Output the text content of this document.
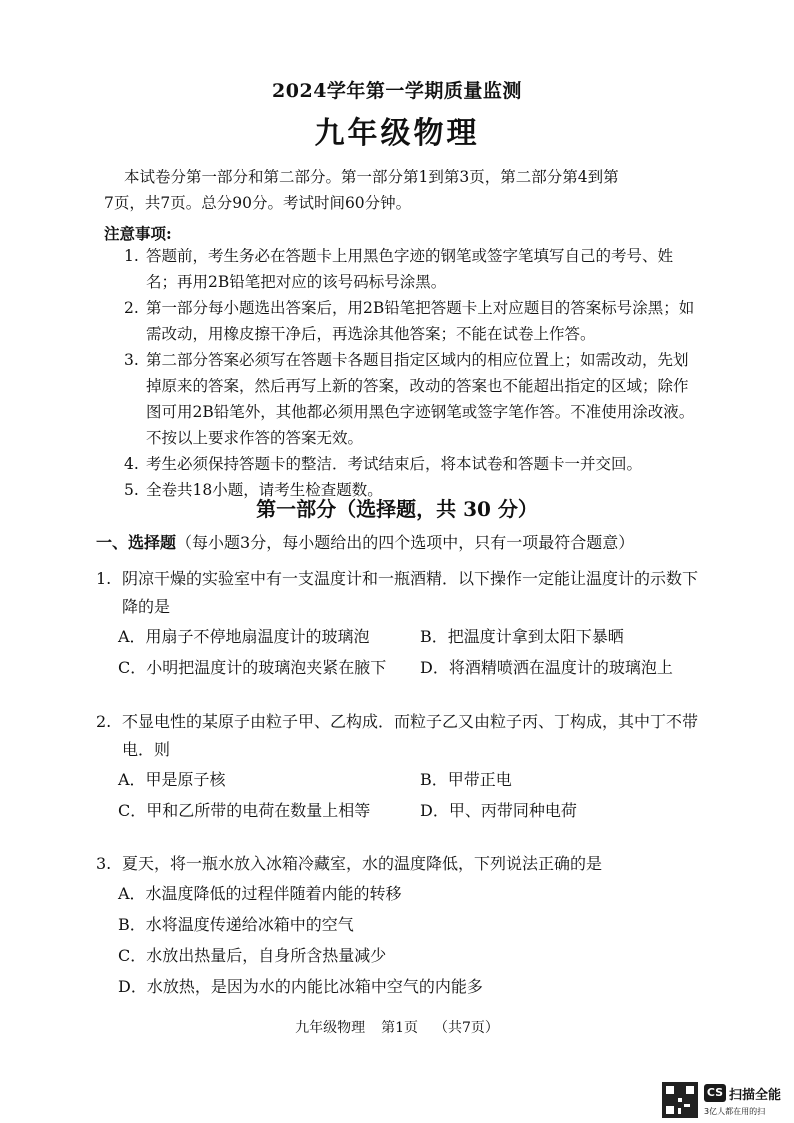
2024学年第一学期质量监测
九年级物理
本试卷分第一部分和第二部分。第一部分第1到第3页，第二部分第4到第
7页，共7页。总分90分。考试时间60分钟。
注意事项:
1. 答题前，考生务必在答题卡上用黑色字迹的钢笔或签字笔填写自己的考号、姓名；再用2B铅笔把对应的该号码标号涂黑。
2. 第一部分每小题选出答案后，用2B铅笔把答题卡上对应题目的答案标号涂黑；如需改动，用橡皮擦干净后，再选涂其他答案；不能在试卷上作答。
3. 第二部分答案必须写在答题卡各题目指定区域内的相应位置上；如需改动，先划掉原来的答案，然后再写上新的答案，改动的答案也不能超出指定的区域；除作图可用2B铅笔外，其他都必须用黑色字迹钢笔或签字笔作答。不准使用涂改液。不按以上要求作答的答案无效。
4. 考生必须保持答题卡的整洁．考试结束后，将本试卷和答题卡一并交回。
5. 全卷共18小题，请考生检查题数。
第一部分（选择题，共 30 分）
一、选择题（每小题3分，每小题给出的四个选项中，只有一项最符合题意）
1. 阴凉干燥的实验室中有一支温度计和一瓶酒精．以下操作一定能让温度计的示数下降的是
A．用扇子不停地扇温度计的玻璃泡	B．把温度计拿到太阳下暴晒
C．小明把温度计的玻璃泡夹紧在腋下	D．将酒精喷洒在温度计的玻璃泡上
2. 不显电性的某原子由粒子甲、乙构成．而粒子乙又由粒子丙、丁构成，其中丁不带电．则
A．甲是原子核	B．甲带正电
C．甲和乙所带的电荷在数量上相等	D．甲、丙带同种电荷
3. 夏天，将一瓶水放入冰箱冷藏室，水的温度降低，下列说法正确的是
A．水温度降低的过程伴随着内能的转移
B．水将温度传递给冰箱中的空气
C．水放出热量后，自身所含热量减少
D．水放热，是因为水的内能比冰箱中空气的内能多
九年级物理 第1页 （共7页）
CS 扫描全能
3亿人都在用的扫
